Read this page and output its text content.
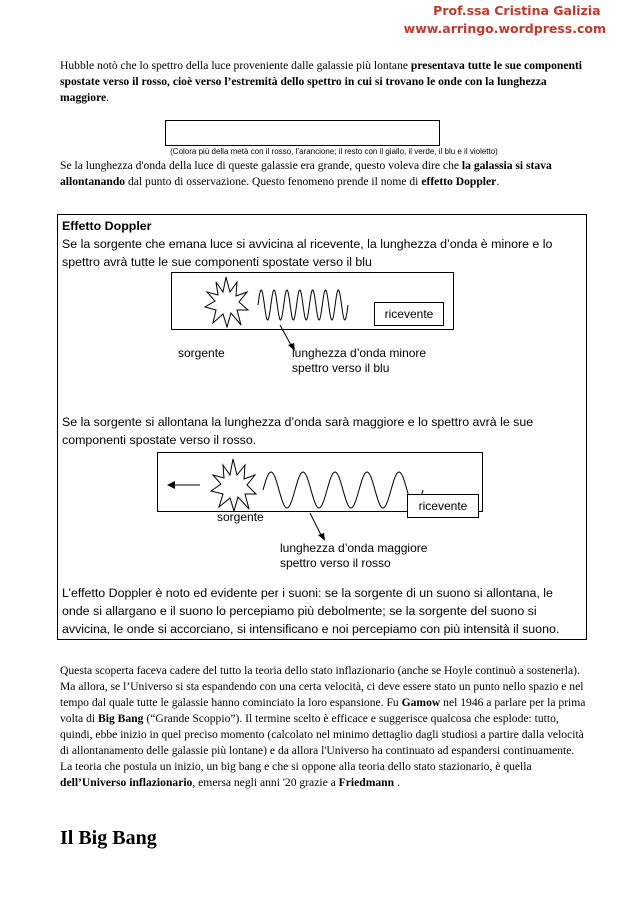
Prof.ssa Cristina Galizia
www.arringo.wordpress.com

Hubble notò che lo spettro della luce proveniente dalle galassie più lontane presentava tutte le sue componenti spostate verso il rosso, cioè verso l’estremità dello spettro in cui si trovano le onde con la lunghezza maggiore.

(Colora più della metà con il rosso, l’arancione; il resto con il giallo, il verde, il blu e il violetto)

Se la lunghezza d'onda della luce di queste galassie era grande, questo voleva dire che la galassia si stava allontanando dal punto di osservazione. Questo fenomeno prende il nome di effetto Doppler.

Effetto Doppler
Se la sorgente che emana luce si avvicina al ricevente, la lunghezza d’onda è minore e lo spettro avrà tutte le sue componenti spostate verso il blu
ricevente
sorgente	lunghezza d’onda minore
spettro verso il blu
Se la sorgente si allontana la lunghezza d’onda sarà maggiore e lo spettro avrà le sue componenti spostate verso il rosso.
ricevente
sorgente
lunghezza d’onda maggiore
spettro verso il rosso
L’effetto Doppler è noto ed evidente per i suoni: se la sorgente di un suono si allontana, le onde si allargano e il suono lo percepiamo più debolmente; se la sorgente del suono si avvicina, le onde si accorciano, si intensificano e noi percepiamo con più intensità il suono.

Questa scoperta faceva cadere del tutto la teoria dello stato inflazionario (anche se Hoyle continuò a sostenerla).
Ma allora, se l’Universo si sta espandendo con una certa velocità, ci deve essere stato un punto nello spazio e nel tempo dal quale tutte le galassie hanno cominciato la loro espansione. Fu Gamow nel 1946 a parlare per la prima volta di Big Bang (“Grande Scoppio”). Il termine scelto è efficace e suggerisce qualcosa che esplode: tutto, quindi, ebbe inizio in quel preciso momento (calcolato nel minimo dettaglio dagli studiosi a partire dalla velocità di allontanamento delle galassie più lontane) e da allora l'Universo ha continuato ad espandersi continuamente.
La teoria che postula un inizio, un big bang e che si oppone alla teoria dello stato stazionario, è quella dell’Universo inflazionario, emersa negli anni '20 grazie a Friedmann .

Il Big Bang
